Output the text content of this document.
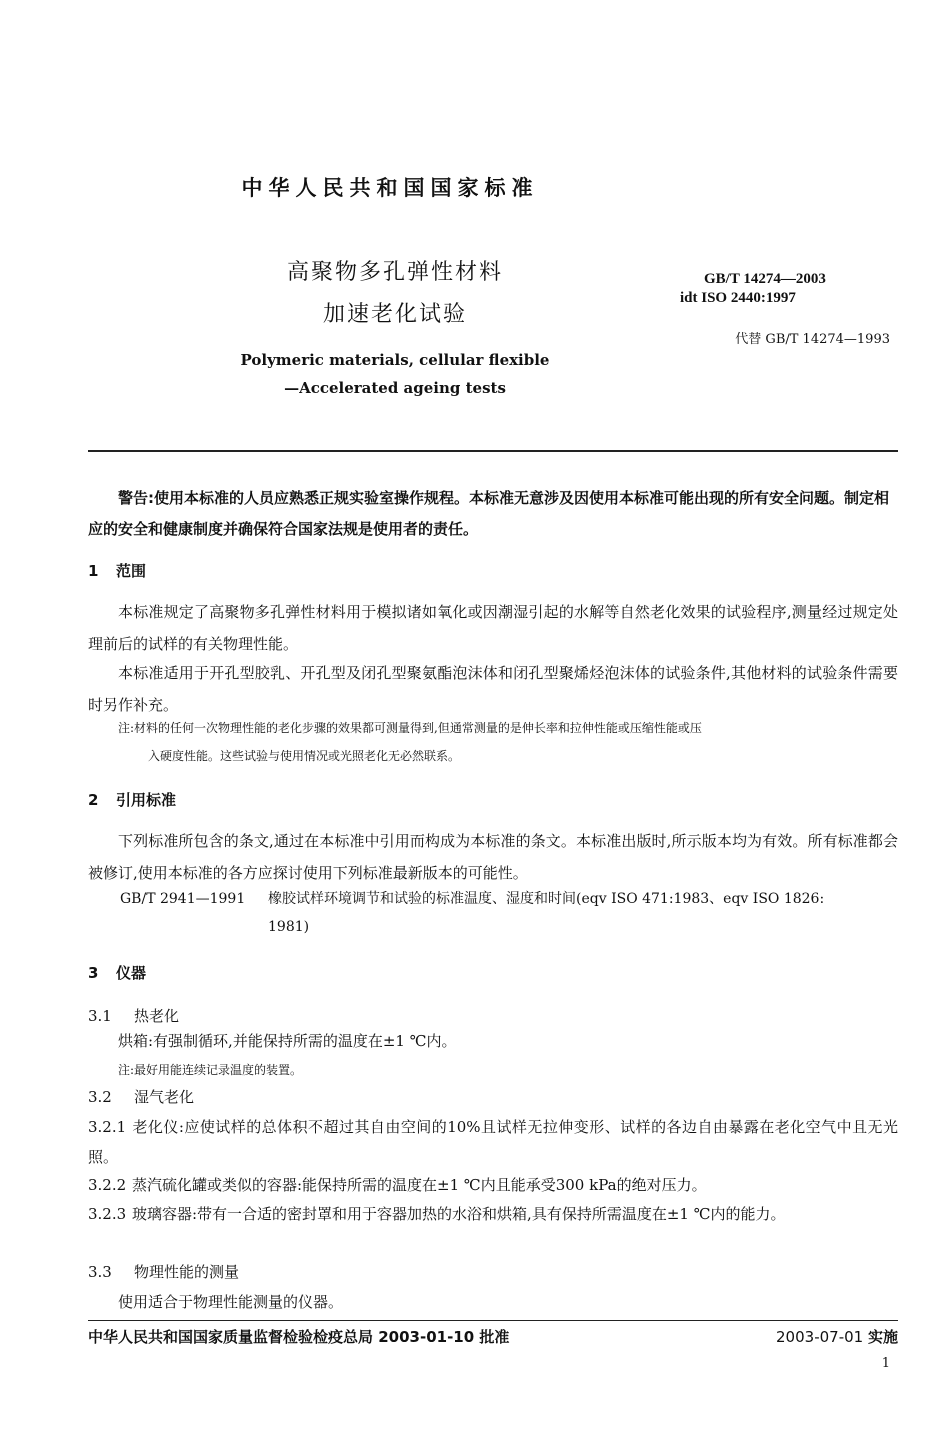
中华人民共和国国家标准
高聚物多孔弹性材料
加速老化试验
Polymeric materials, cellular flexible
—Accelerated ageing tests
GB/T 14274—2003
idt ISO 2440:1997
代替 GB/T 14274—1993
警告:使用本标准的人员应熟悉正规实验室操作规程。本标准无意涉及因使用本标准可能出现的所有安全问题。制定相应的安全和健康制度并确保符合国家法规是使用者的责任。
1 范围
本标准规定了高聚物多孔弹性材料用于模拟诸如氧化或因潮湿引起的水解等自然老化效果的试验程序,测量经过规定处理前后的试样的有关物理性能。
本标准适用于开孔型胶乳、开孔型及闭孔型聚氨酯泡沫体和闭孔型聚烯烃泡沫体的试验条件,其他材料的试验条件需要时另作补充。
注:材料的任何一次物理性能的老化步骤的效果都可测量得到,但通常测量的是伸长率和拉伸性能或压缩性能或压
入硬度性能。这些试验与使用情况或光照老化无必然联系。
2 引用标准
下列标准所包含的条文,通过在本标准中引用而构成为本标准的条文。本标准出版时,所示版本均为有效。所有标准都会被修订,使用本标准的各方应探讨使用下列标准最新版本的可能性。
GB/T 2941—1991 橡胶试样环境调节和试验的标准温度、湿度和时间(eqv ISO 471:1983、eqv ISO 1826:
1981)
3 仪器
3.1 热老化
烘箱:有强制循环,并能保持所需的温度在±1 ℃内。
注:最好用能连续记录温度的装置。
3.2 湿气老化
3.2.1 老化仪:应使试样的总体积不超过其自由空间的10%且试样无拉伸变形、试样的各边自由暴露在老化空气中且无光照。
3.2.2 蒸汽硫化罐或类似的容器:能保持所需的温度在±1 ℃内且能承受300 kPa的绝对压力。
3.2.3 玻璃容器:带有一合适的密封罩和用于容器加热的水浴和烘箱,具有保持所需温度在±1 ℃内的能力。
3.3 物理性能的测量
使用适合于物理性能测量的仪器。
中华人民共和国国家质量监督检验检疫总局 2003-01-10 批准	2003-07-01 实施
1
